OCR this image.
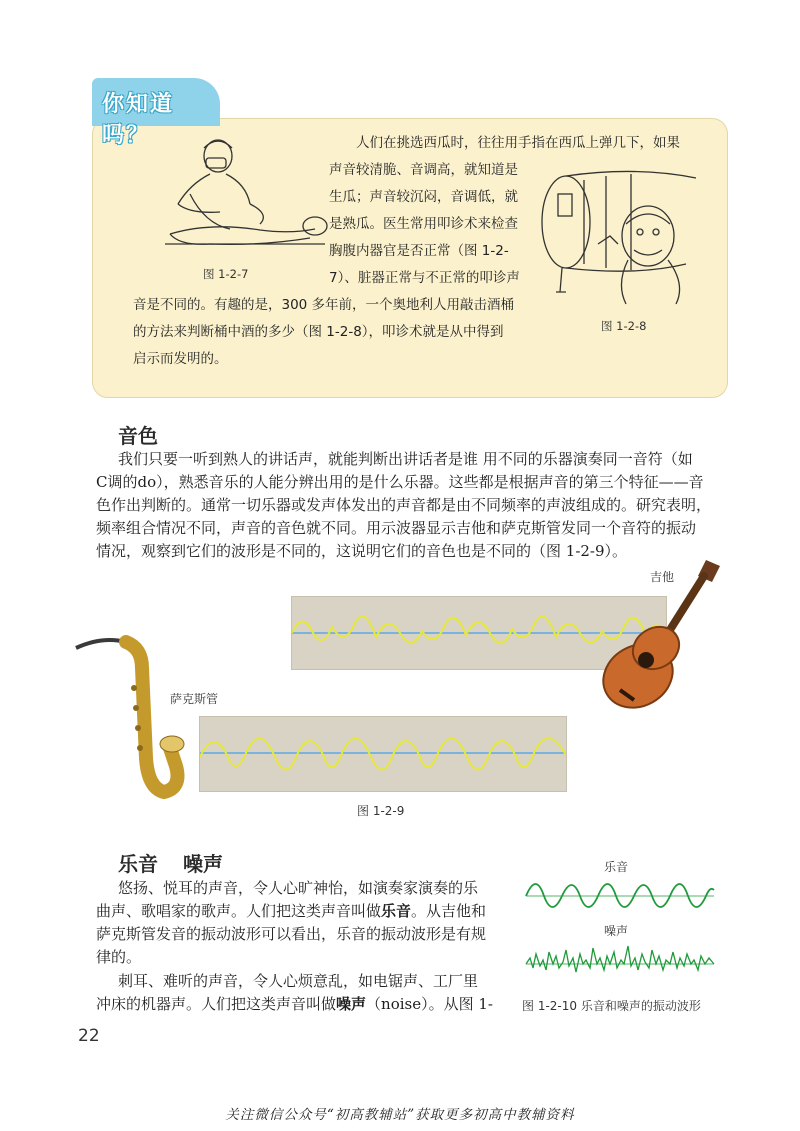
你知道吗？
图 1-2-7
图 1-2-8
人们在挑选西瓜时，往往用手指在西瓜上弹几下，如果
声音较清脆、音调高，就知道是
生瓜；声音较沉闷，音调低，就
是熟瓜。医生常用叩诊术来检查
胸腹内器官是否正常（图 1-2-
7）、脏器正常与不正常的叩诊声
音是不同的。有趣的是，300 多年前，一个奥地利人用敲击酒桶
的方法来判断桶中酒的多少（图 1-2-8），叩诊术就是从中得到
启示而发明的。
音色
我们只要一听到熟人的讲话声，就能判断出讲话者是谁 用不同的乐器演奏同一音符（如
C调的do），熟悉音乐的人能分辨出用的是什么乐器。这些都是根据声音的第三个特征——音
色作出判断的。通常一切乐器或发声体发出的声音都是由不同频率的声波组成的。研究表明，
频率组合情况不同，声音的音色就不同。用示波器显示吉他和萨克斯管发同一个音符的振动
情况，观察到它们的波形是不同的，这说明它们的音色也是不同的（图 1-2-9）。
吉他
萨克斯管
图 1-2-9
乐音 噪声
悠扬、悦耳的声音，令人心旷神怡，如演奏家演奏的乐
曲声、歌唱家的歌声。人们把这类声音叫做乐音。从吉他和
萨克斯管发音的振动波形可以看出，乐音的振动波形是有规
律的。
刺耳、难听的声音，令人心烦意乱，如电锯声、工厂里
冲床的机器声。人们把这类声音叫做噪声（noise）。从图 1-
乐音
噪声
图 1-2-10 乐音和噪声的振动波形
22
关注微信公众号“初高教辅站”获取更多初高中教辅资料
